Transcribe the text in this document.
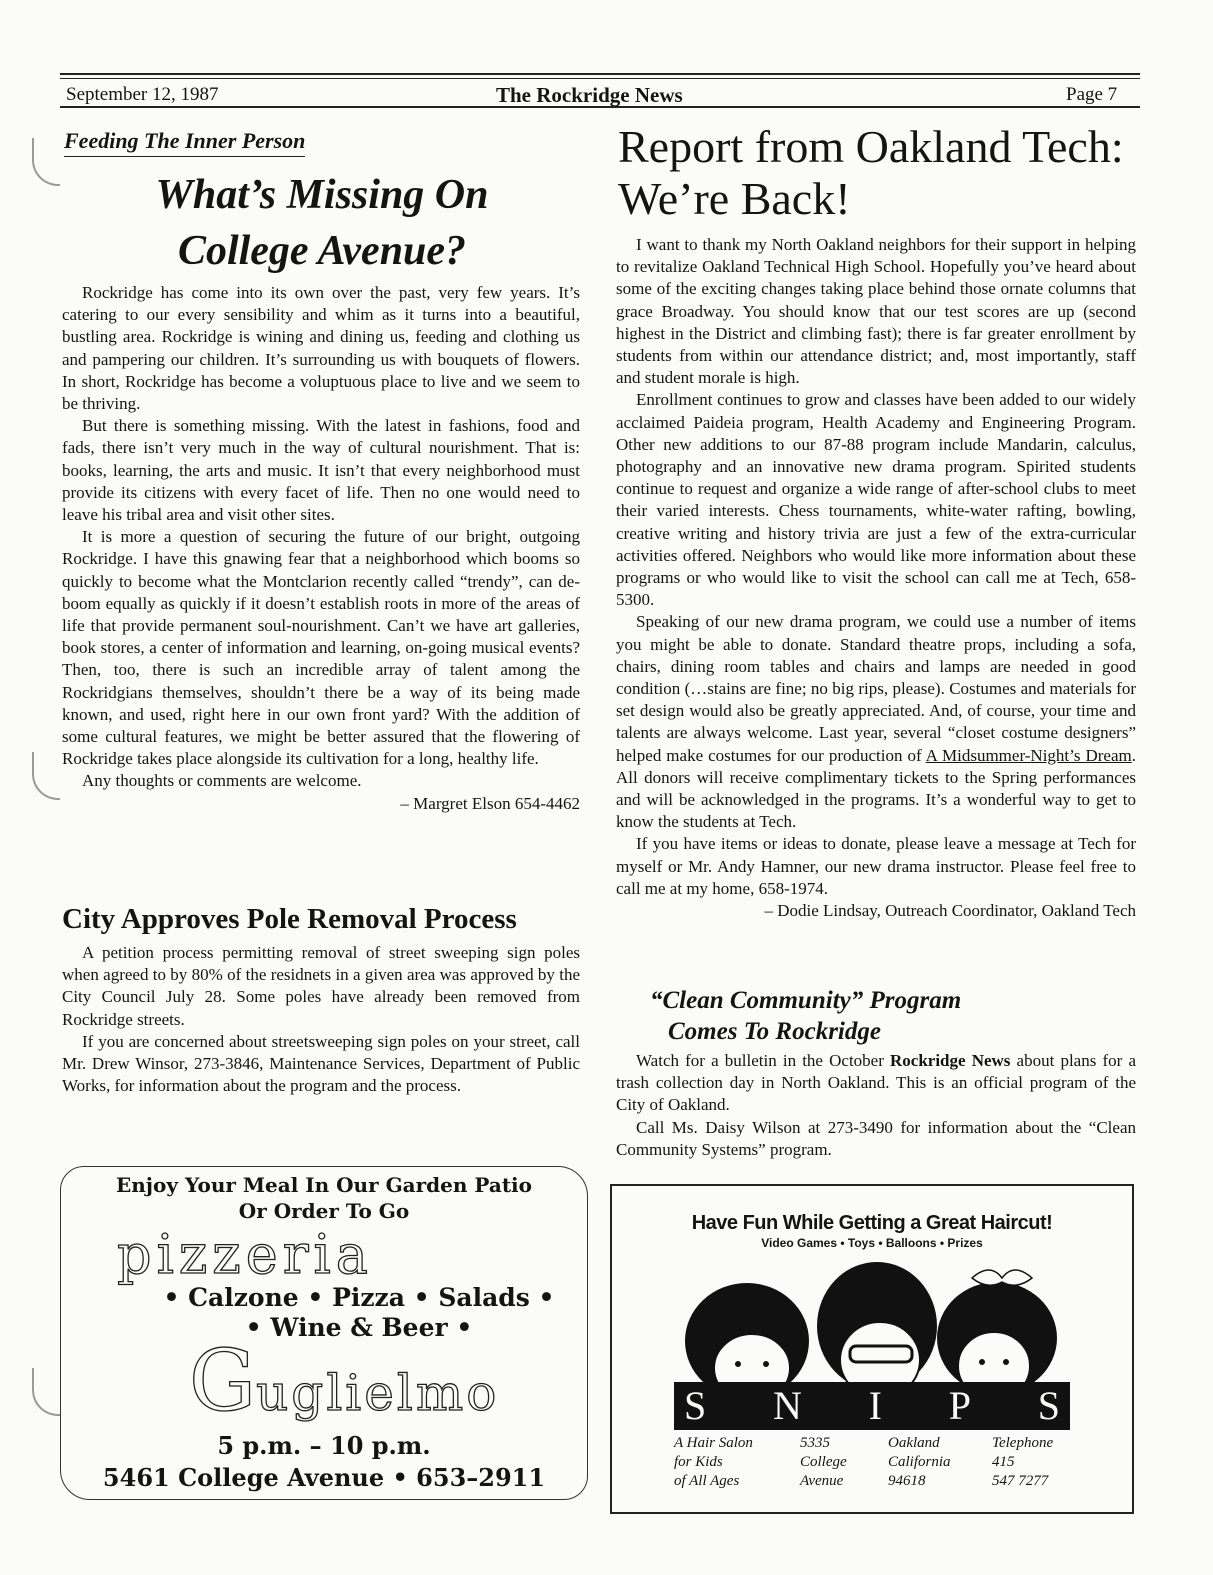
September 12, 1987	The Rockridge News	Page 7
Feeding The Inner Person
What’s Missing On
College Avenue?

Rockridge has come into its own over the past, very few years. It’s catering to our every sensibility and whim as it turns into a beautiful, bustling area. Rockridge is wining and dining us, feeding and clothing us and pampering our children. It’s surrounding us with bouquets of flowers. In short, Rockridge has become a voluptuous place to live and we seem to be thriving.

But there is something missing. With the latest in fashions, food and fads, there isn’t very much in the way of cultural nourishment. That is: books, learning, the arts and music. It isn’t that every neighborhood must provide its citizens with every facet of life. Then no one would need to leave his tribal area and visit other sites.

It is more a question of securing the future of our bright, outgoing Rockridge. I have this gnawing fear that a neighborhood which booms so quickly to become what the Montclarion recently called “trendy”, can de-boom equally as quickly if it doesn’t establish roots in more of the areas of life that provide permanent soul-nourishment. Can’t we have art galleries, book stores, a center of information and learning, on-going musical events? Then, too, there is such an incredible array of talent among the Rockridgians themselves, shouldn’t there be a way of its being made known, and used, right here in our own front yard? With the addition of some cultural features, we might be better assured that the flowering of Rockridge takes place alongside its cultivation for a long, healthy life.

Any thoughts or comments are welcome.

– Margret Elson 654-4462

City Approves Pole Removal Process

A petition process permitting removal of street sweeping sign poles when agreed to by 80% of the residnets in a given area was approved by the City Council July 28. Some poles have already been removed from Rockridge streets.

If you are concerned about streetsweeping sign poles on your street, call Mr. Drew Winsor, 273-3846, Maintenance Services, Department of Public Works, for information about the program and the process.

Enjoy Your Meal In Our Garden Patio
Or Order To Go
pizzeria
• Calzone • Pizza • Salads •
• Wine & Beer •
Guglielmo
5 p.m. – 10 p.m.
5461 College Avenue • 653–2911
Report from Oakland Tech:
We’re Back!

I want to thank my North Oakland neighbors for their support in helping to revitalize Oakland Technical High School. Hopefully you’ve heard about some of the exciting changes taking place behind those ornate columns that grace Broadway. You should know that our test scores are up (second highest in the District and climbing fast); there is far greater enrollment by students from within our attendance district; and, most importantly, staff and student morale is high.

Enrollment continues to grow and classes have been added to our widely acclaimed Paideia program, Health Academy and Engineering Program. Other new additions to our 87-88 program include Mandarin, calculus, photography and an innovative new drama program. Spirited students continue to request and organize a wide range of after-school clubs to meet their varied interests. Chess tournaments, white-water rafting, bowling, creative writing and history trivia are just a few of the extra-curricular activities offered. Neighbors who would like more information about these programs or who would like to visit the school can call me at Tech, 658-5300.

Speaking of our new drama program, we could use a number of items you might be able to donate. Standard theatre props, including a sofa, chairs, dining room tables and chairs and lamps are needed in good condition (…stains are fine; no big rips, please). Costumes and materials for set design would also be greatly appreciated. And, of course, your time and talents are always welcome. Last year, several “closet costume designers” helped make costumes for our production of A Midsummer-Night’s Dream. All donors will receive complimentary tickets to the Spring performances and will be acknowledged in the programs. It’s a wonderful way to get to know the students at Tech.

If you have items or ideas to donate, please leave a message at Tech for myself or Mr. Andy Hamner, our new drama instructor. Please feel free to call me at my home, 658-1974.

– Dodie Lindsay, Outreach Coordinator, Oakland Tech

“Clean Community” Program
Comes To Rockridge

Watch for a bulletin in the October Rockridge News about plans for a trash collection day in North Oakland. This is an official program of the City of Oakland.

Call Ms. Daisy Wilson at 273-3490 for information about the “Clean Community Systems” program.

Have Fun While Getting a Great Haircut!
Video Games • Toys • Balloons • Prizes
S N I P S
A Hair Salon
for Kids
of All Ages
5335
College
Avenue
Oakland
California
94618
Telephone
415
547 7277
